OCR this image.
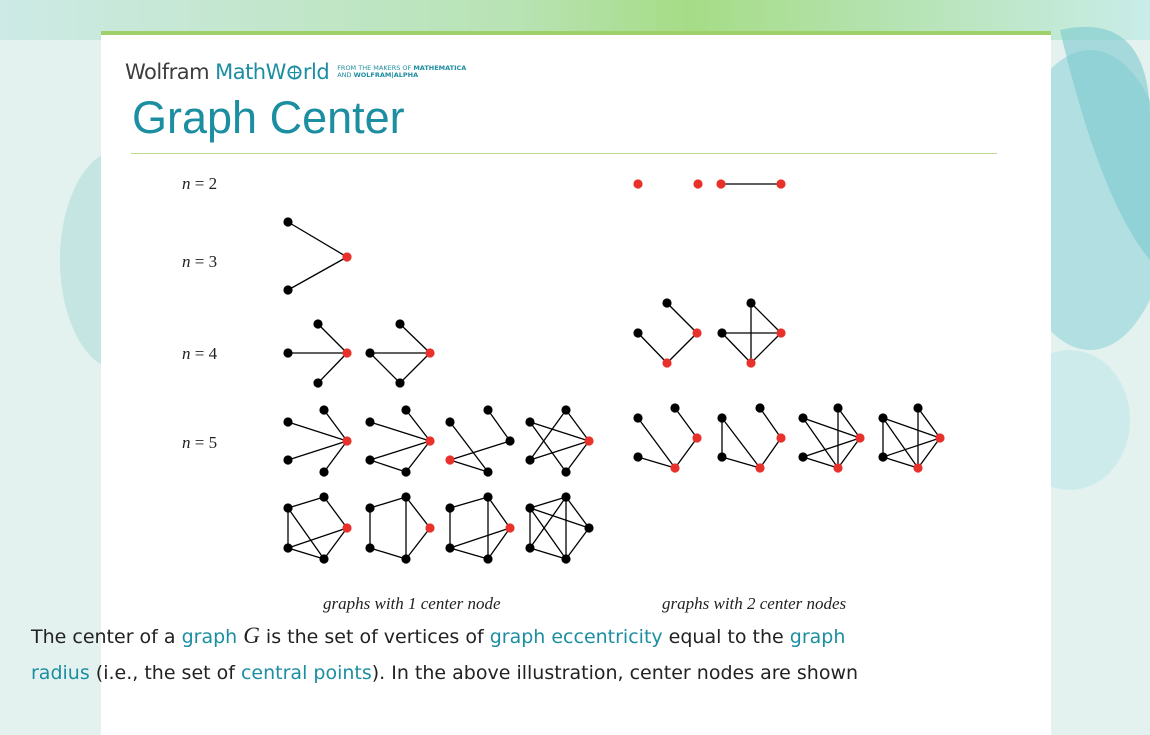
Wolfram MathW rld FROM THE MAKERS OF MATHEMATICA
AND WOLFRAM|ALPHA
Graph Center
n = 2
n = 3
n = 4
n = 5
graphs with 1 center node	graphs with 2 center nodes

The center of a graph G is the set of vertices of graph eccentricity equal to the graph radius (i.e., the set of central points). In the above illustration, center nodes are shown
